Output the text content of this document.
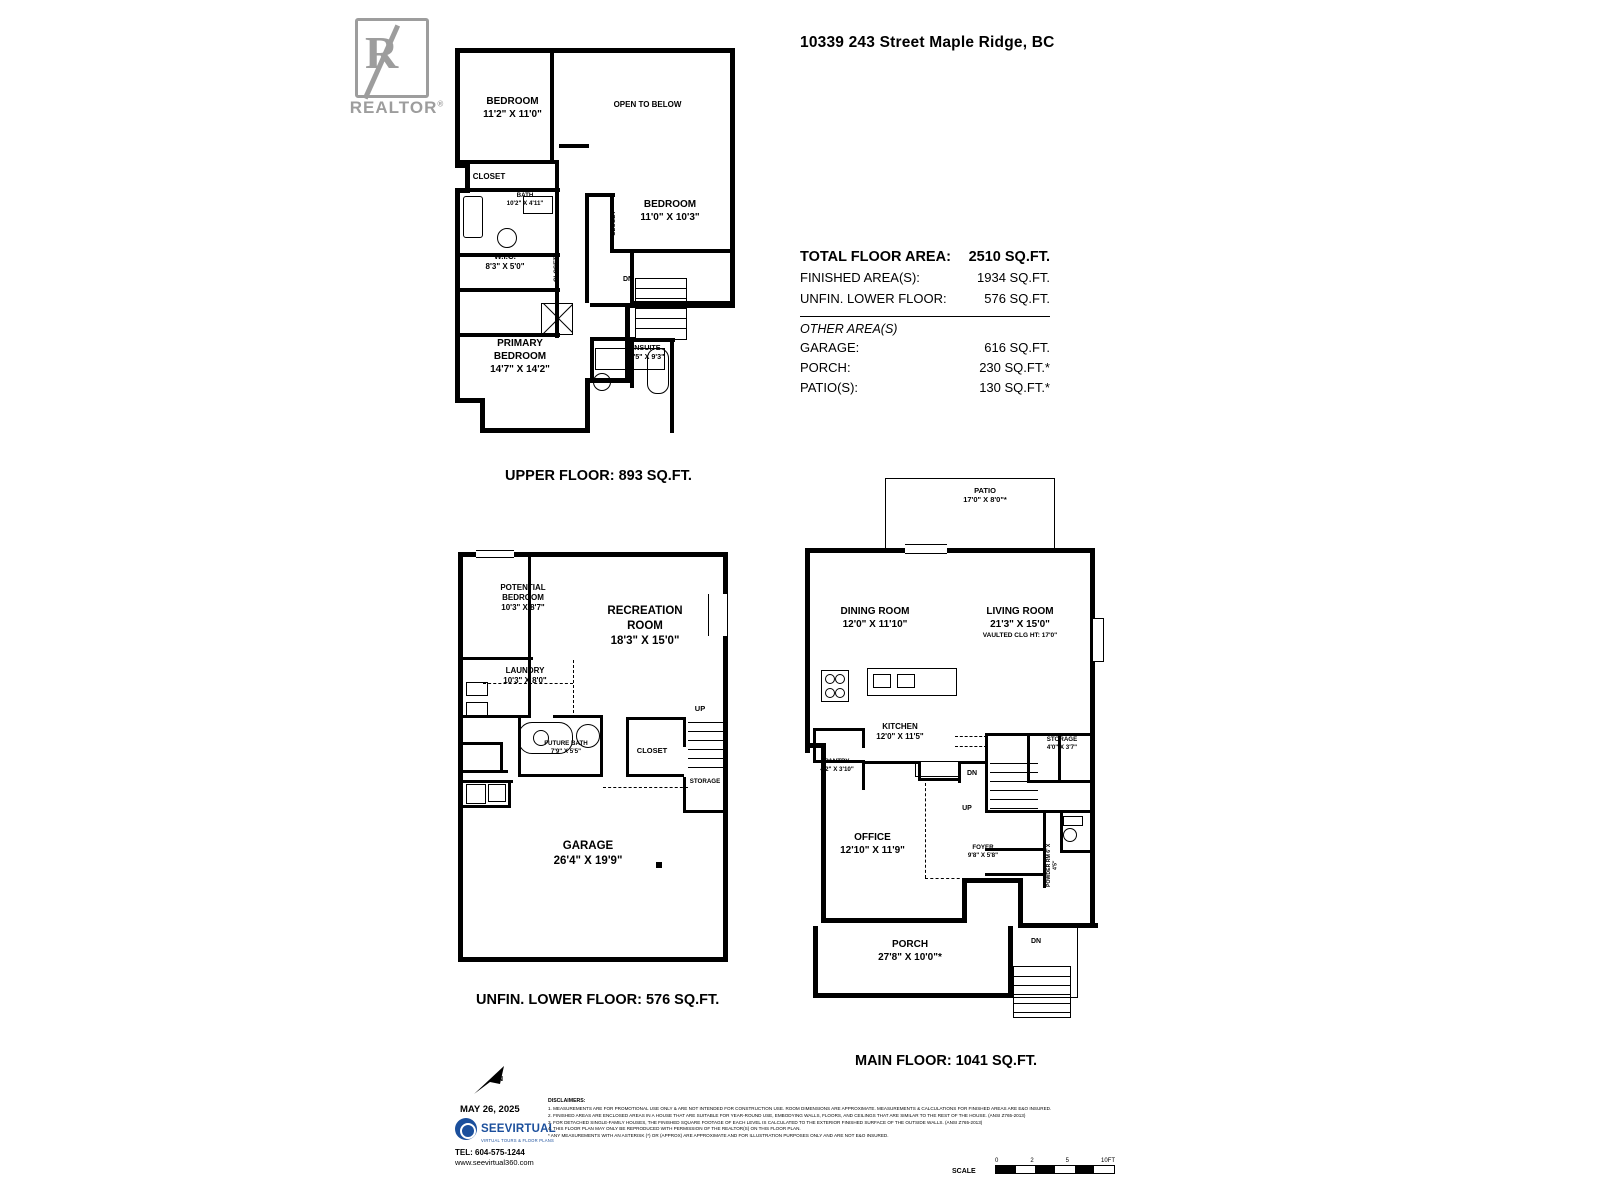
10339 243 Street Maple Ridge, BC
R
REALTOR®
TOTAL FLOOR AREA: 2510 SQ.FT.
FINISHED AREA(S):	1934 SQ.FT.
UNFIN. LOWER FLOOR:	576 SQ.FT.
OTHER AREA(S)
GARAGE:	616 SQ.FT.
PORCH:	230 SQ.FT.*
PATIO(S):	130 SQ.FT.*
BEDROOM
11'2" X 11'0"
OPEN TO BELOW
CLOSET
BATH
10'2" X 4'11"	BEDROOM
11'0" X 10'3"
CLOSET
CLOSET
W.I.C.
8'3" X 5'0"
PRIMARY
BEDROOM
14'7" X 14'2"
ENSUITE
12'5" X 9'3"
DN
UPPER FLOOR: 893 SQ.FT.
POTENTIAL
BEDROOM
10'3" X 8'7"	RECREATION
ROOM
18'3" X 15'0"
LAUNDRY
10'3" X 8'0"
FUTURE BATH
7'9" X 5'5"	CLOSET
STORAGE
UP
GARAGE
26'4" X 19'9"
UNFIN. LOWER FLOOR: 576 SQ.FT.
PATIO
17'0" X 8'0"*
DINING ROOM
12'0" X 11'10"
LIVING ROOM
21'3" X 15'0"
VAULTED CLG HT: 17'0"
KITCHEN
12'0" X 11'5"
PANTRY
4'2" X 3'10"
STORAGE
4'0" X 3'7"
OFFICE
12'10" X 11'9"	FOYER
9'8" X 5'8"	POWDER RM 6' X 4'5"
CLOSET
PORCH
27'8" X 10'0"*
UP
DN
DN
MAIN FLOOR: 1041 SQ.FT.
N
MAY 26, 2025
SEEVIRTUAL
VIRTUAL TOURS & FLOOR PLANS
TEL: 604-575-1244
www.seevirtual360.com
DISCLAIMERS:
1. MEASUREMENTS ARE FOR PROMOTIONAL USE ONLY & ARE NOT INTENDED FOR CONSTRUCTION USE. ROOM DIMENSIONS ARE APPROXIMATE. MEASUREMENTS & CALCULATIONS FOR FINISHED AREAS ARE E&O INSURED.
2. FINISHED AREAS ARE ENCLOSED AREAS IN A HOUSE THAT ARE SUITABLE FOR YEAR-ROUND USE, EMBODYING WALLS, FLOORS, AND CEILINGS THAT ARE SIMILAR TO THE REST OF THE HOUSE. (ANSI Z765-2013)
3. FOR DETACHED SINGLE-FAMILY HOUSES, THE FINISHED SQUARE FOOTAGE OF EACH LEVEL IS CALCULATED TO THE EXTERIOR FINISHED SURFACE OF THE OUTSIDE WALLS. (ANSI Z765-2013)
4. THIS FLOOR PLAN MAY ONLY BE REPRODUCED WITH PERMISSION OF THE REALTOR(S) ON THIS FLOOR PLAN.
* ANY MEASUREMENTS WITH AN ASTERISK (*) OR (APPROX) ARE APPROXIMATE AND FOR ILLUSTRATION PURPOSES ONLY AND ARE NOT E&O INSURED.
SCALE
0	2	5	10FT
